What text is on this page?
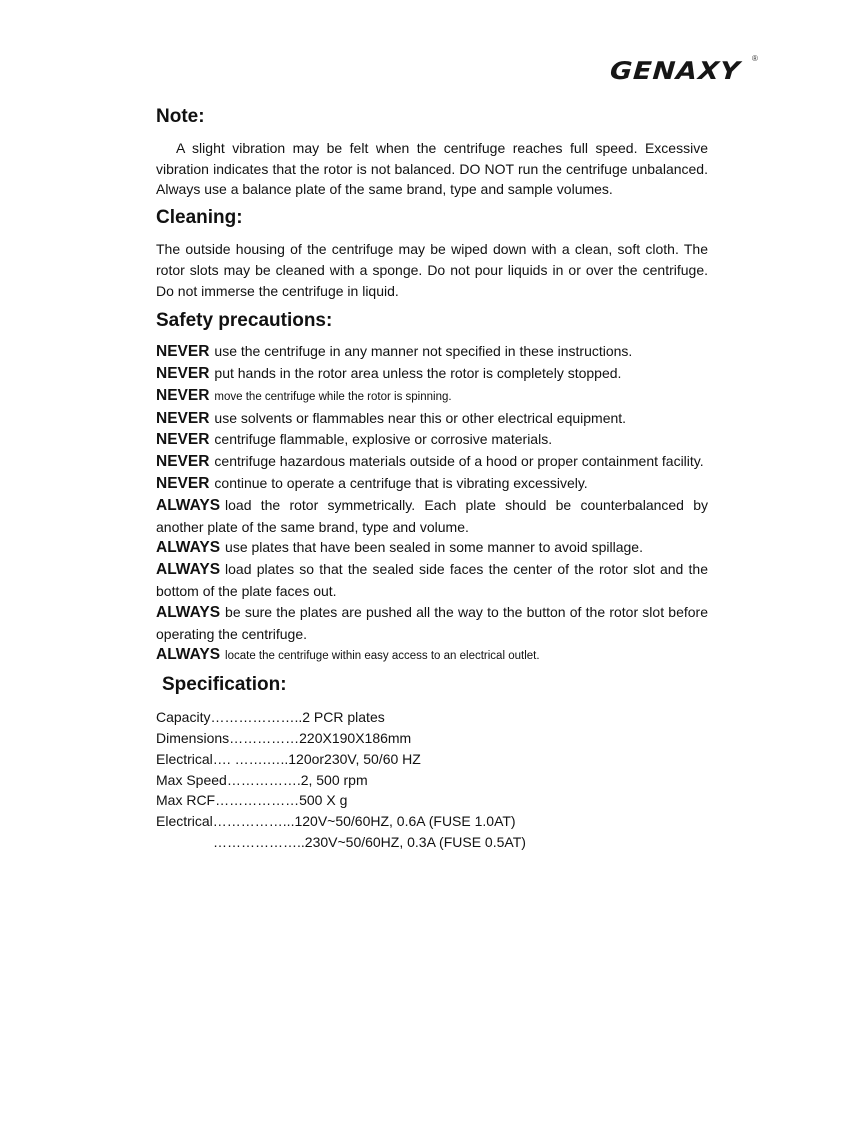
GENAXY ®
Note:

A slight vibration may be felt when the centrifuge reaches full speed. Excessive vibration indicates that the rotor is not balanced. DO NOT run the centrifuge unbalanced. Always use a balance plate of the same brand, type and sample volumes.

Cleaning:

The outside housing of the centrifuge may be wiped down with a clean, soft cloth. The rotor slots may be cleaned with a sponge. Do not pour liquids in or over the centrifuge. Do not immerse the centrifuge in liquid.

Safety precautions:
NEVER use the centrifuge in any manner not specified in these instructions.
NEVER put hands in the rotor area unless the rotor is completely stopped.
NEVER move the centrifuge while the rotor is spinning.
NEVER use solvents or flammables near this or other electrical equipment.
NEVER centrifuge flammable, explosive or corrosive materials.
NEVER centrifuge hazardous materials outside of a hood or proper containment facility.
NEVER continue to operate a centrifuge that is vibrating excessively.
ALWAYS load the rotor symmetrically. Each plate should be counterbalanced by another plate of the same brand, type and volume.
ALWAYS use plates that have been sealed in some manner to avoid spillage.
ALWAYS load plates so that the sealed side faces the center of the rotor slot and the bottom of the plate faces out.
ALWAYS be sure the plates are pushed all the way to the button of the rotor slot before operating the centrifuge.
ALWAYS locate the centrifuge within easy access to an electrical outlet.
Specification:
Capacity………………..2 PCR plates
Dimensions……………220X190X186mm
Electrical…. …….…..120or230V, 50/60 HZ
Max Speed…………….2, 500 rpm
Max RCF………………500 X g
Electrical……………...120V~50/60HZ, 0.6A (FUSE 1.0AT)
………………..230V~50/60HZ, 0.3A (FUSE 0.5AT)
